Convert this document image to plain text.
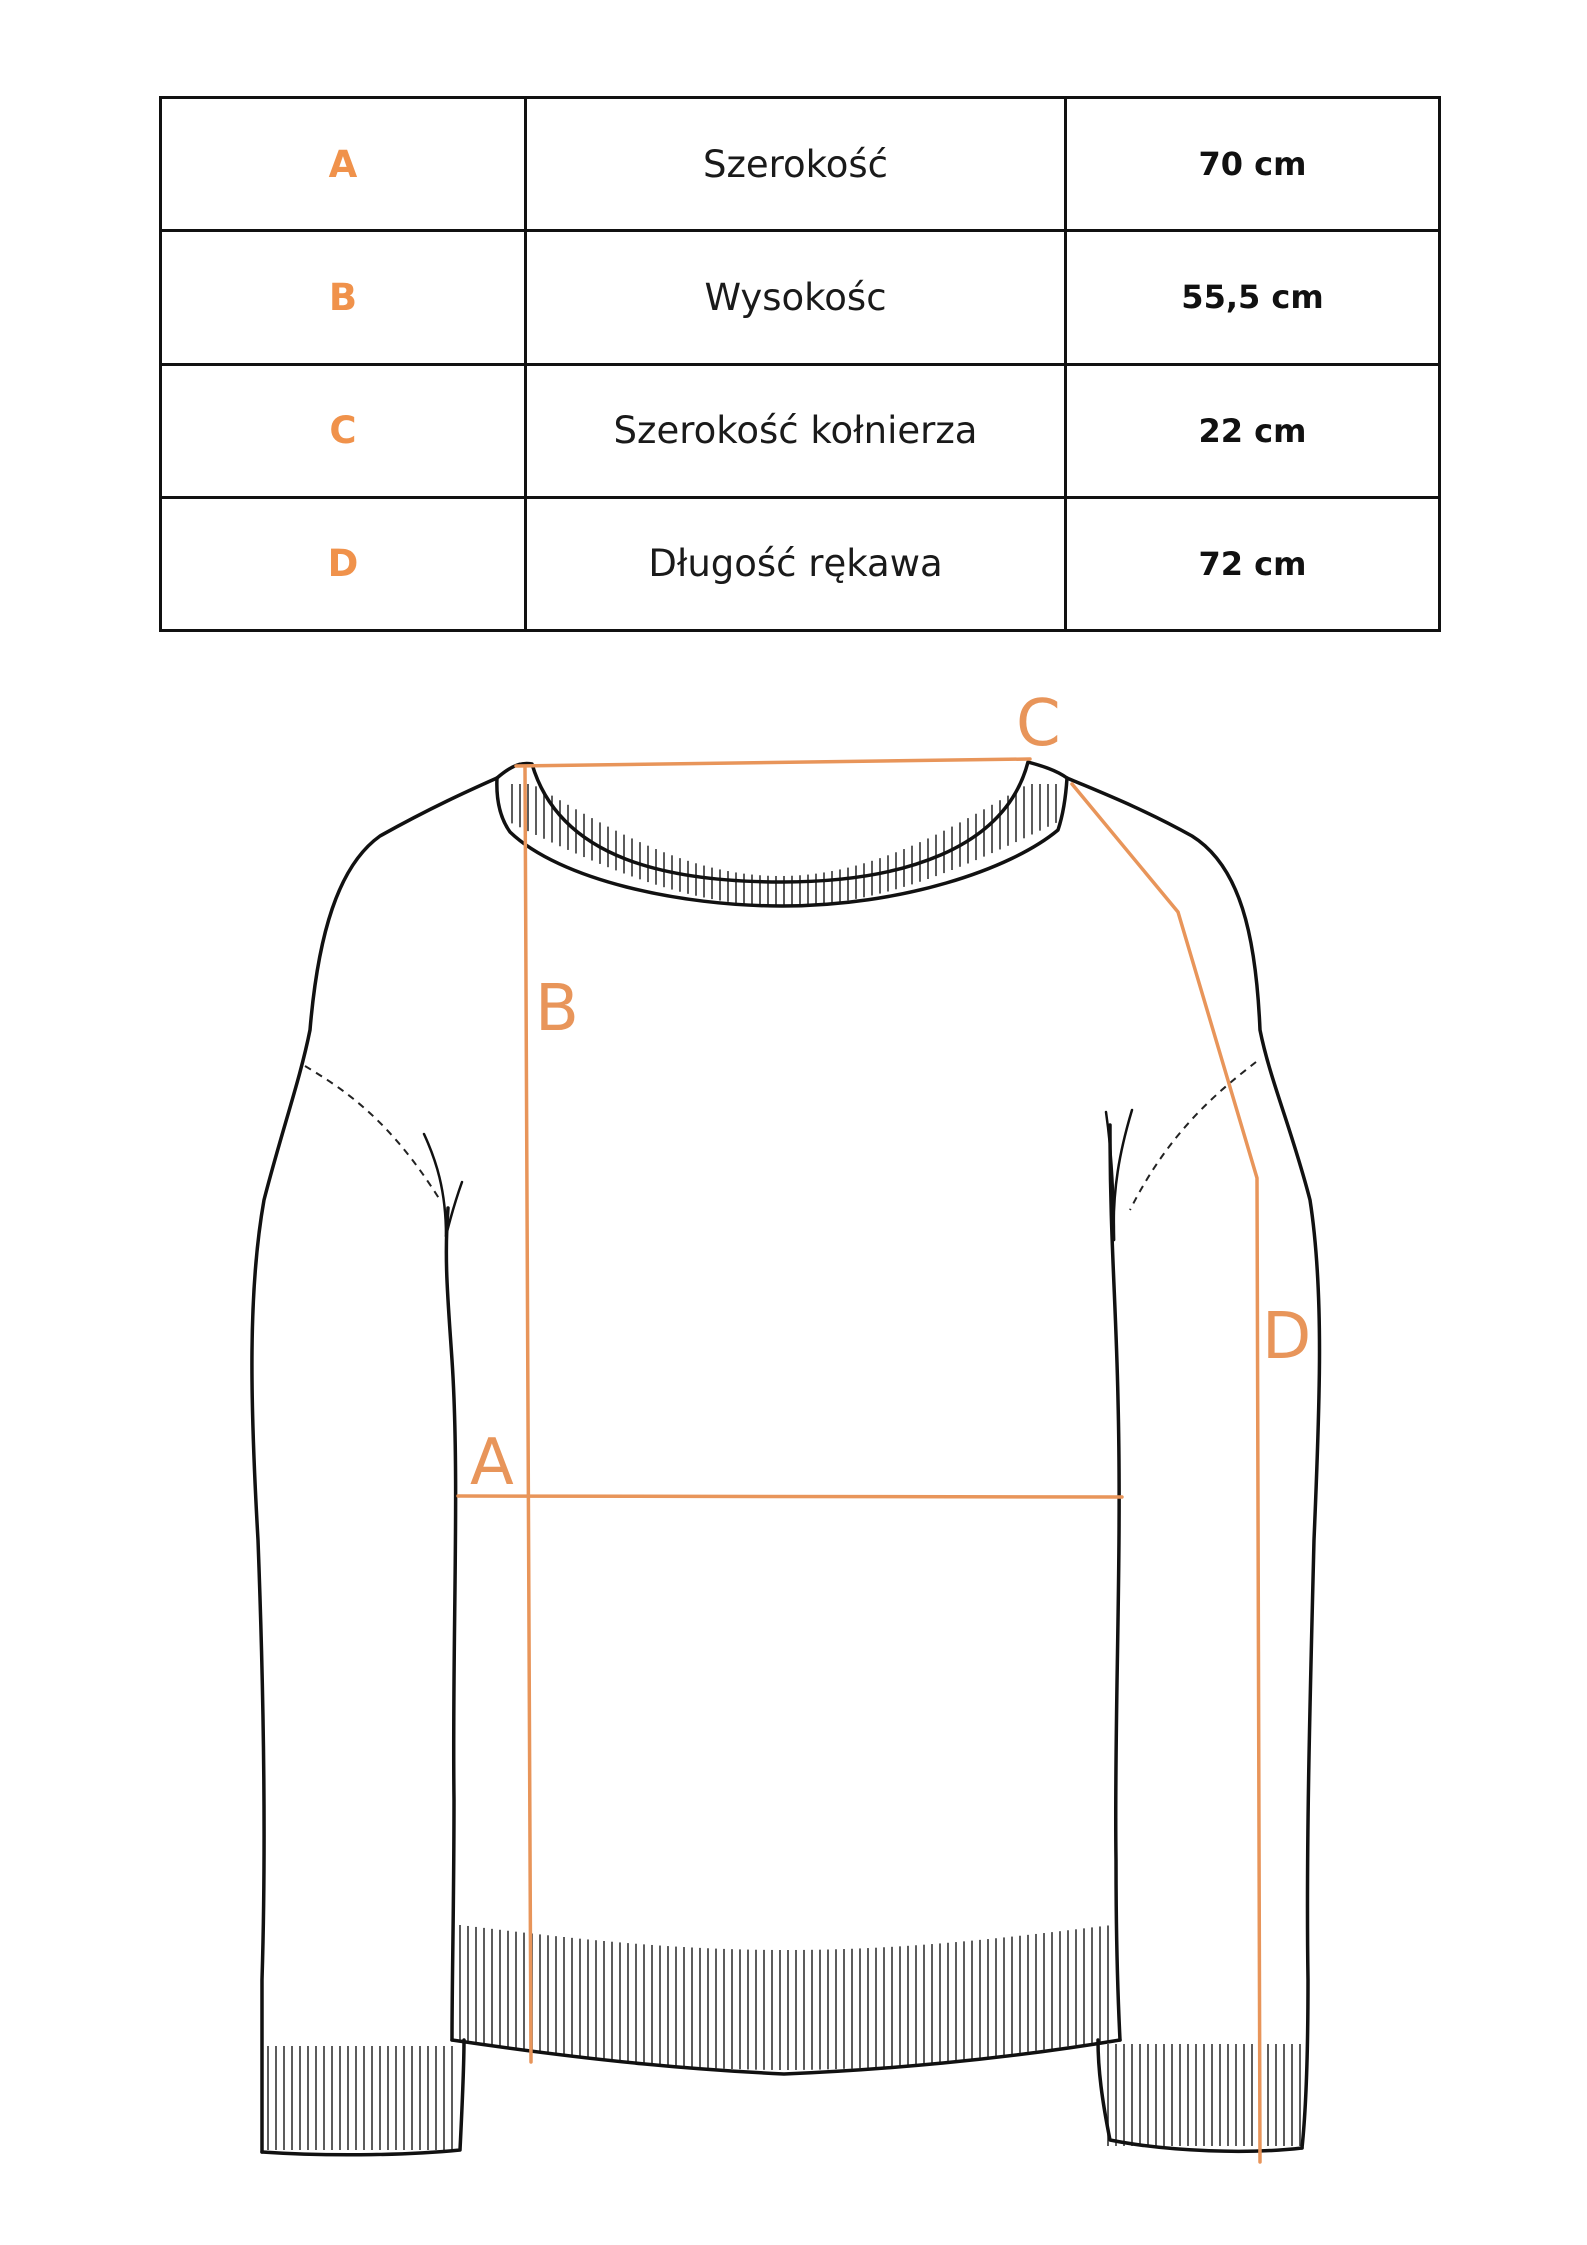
A	Szerokość	70 cm
B	Wysokośc	55,5 cm
C	Szerokość kołnierza	22 cm
D	Długość rękawa	72 cm
C
B
A
D
